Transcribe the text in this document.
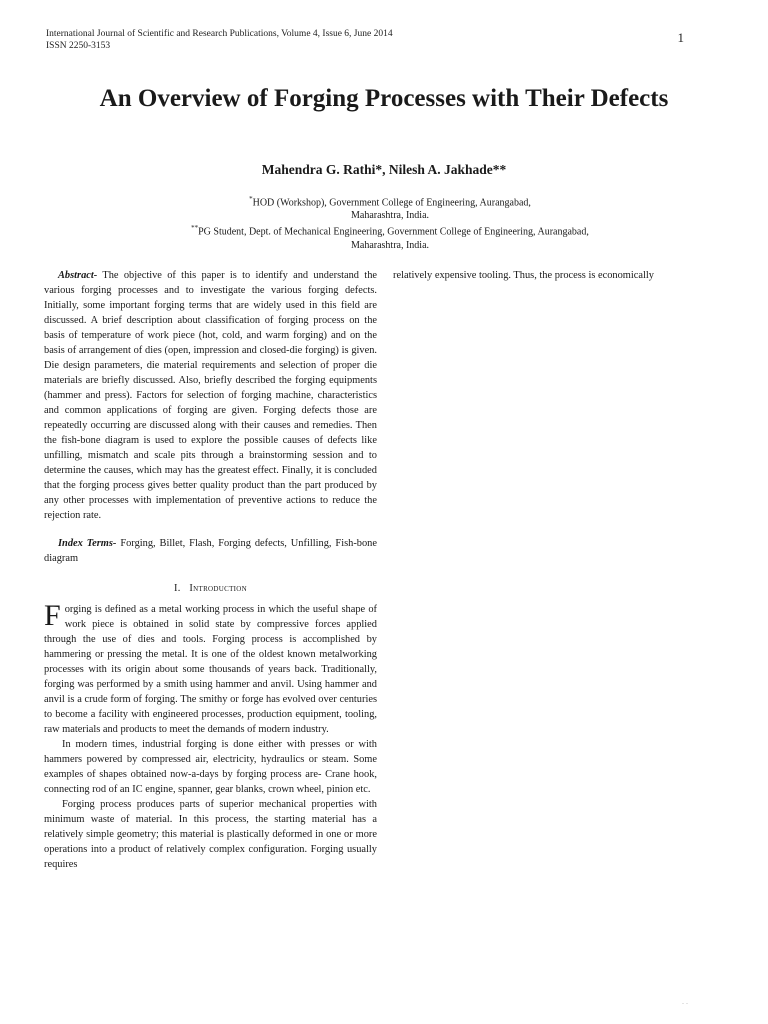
International Journal of Scientific and Research Publications, Volume 4, Issue 6, June 2014
ISSN 2250-3153
1
An Overview of Forging Processes with Their Defects
Mahendra G. Rathi*, Nilesh A. Jakhade**
*HOD (Workshop), Government College of Engineering, Aurangabad,
Maharashtra, India.
**PG Student, Dept. of Mechanical Engineering, Government College of Engineering, Aurangabad,
Maharashtra, India.

Abstract- The objective of this paper is to identify and understand the various forging processes and to investigate the various forging defects. Initially, some important forging terms that are widely used in this field are discussed. A brief description about classification of forging process on the basis of temperature of work piece (hot, cold, and warm forging) and on the basis of arrangement of dies (open, impression and closed-die forging) is given. Die design parameters, die material requirements and selection of proper die materials are briefly discussed. Also, briefly described the forging equipments (hammer and press). Factors for selection of forging machine, characteristics and common applications of forging are given. Forging defects those are repeatedly occurring are discussed along with their causes and remedies. Then the fish-bone diagram is used to explore the possible causes of defects like unfilling, mismatch and scale pits through a brainstorming session and to determine the causes, which may has the greatest effect. Finally, it is concluded that the forging process gives better quality product than the part produced by any other processes with implementation of preventive actions to reduce the rejection rate.

Index Terms- Forging, Billet, Flash, Forging defects, Unfilling, Fish-bone diagram

I. Introduction

Forging is defined as a metal working process in which the useful shape of work piece is obtained in solid state by compressive forces applied through the use of dies and tools. Forging process is accomplished by hammering or pressing the metal. It is one of the oldest known metalworking processes with its origin about some thousands of years back. Traditionally, forging was performed by a smith using hammer and anvil. Using hammer and anvil is a crude form of forging. The smithy or forge has evolved over centuries to become a facility with engineered processes, production equipment, tooling, raw materials and products to meet the demands of modern industry.

In modern times, industrial forging is done either with presses or with hammers powered by compressed air, electricity, hydraulics or steam. Some examples of shapes obtained now-a-days by forging process are- Crane hook, connecting rod of an IC engine, spanner, gear blanks, crown wheel, pinion etc.

Forging process produces parts of superior mechanical properties with minimum waste of material. In this process, the starting material has a relatively simple geometry; this material is plastically deformed in one or more operations into a product of relatively complex configuration. Forging usually requires

relatively expensive tooling. Thus, the process is economically

. .
